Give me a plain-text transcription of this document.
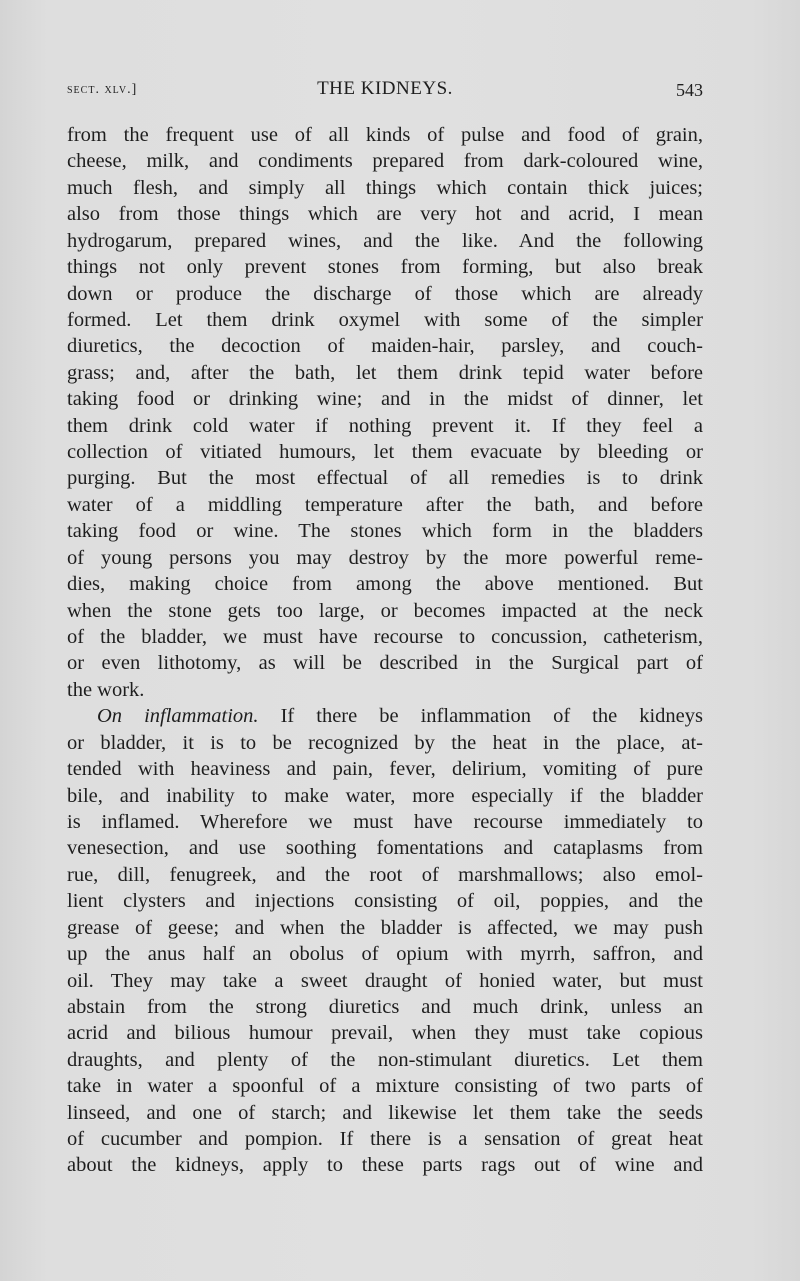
sect. xlv.]	THE KIDNEYS.	543
from the frequent use of all kinds of pulse and food of grain,
cheese, milk, and condiments prepared from dark-coloured wine,
much flesh, and simply all things which contain thick juices;
also from those things which are very hot and acrid, I mean
hydrogarum, prepared wines, and the like. And the following
things not only prevent stones from forming, but also break
down or produce the discharge of those which are already
formed. Let them drink oxymel with some of the simpler
diuretics, the decoction of maiden-hair, parsley, and couch-
grass; and, after the bath, let them drink tepid water before
taking food or drinking wine; and in the midst of dinner, let
them drink cold water if nothing prevent it. If they feel a
collection of vitiated humours, let them evacuate by bleeding or
purging. But the most effectual of all remedies is to drink
water of a middling temperature after the bath, and before
taking food or wine. The stones which form in the bladders
of young persons you may destroy by the more powerful reme-
dies, making choice from among the above mentioned. But
when the stone gets too large, or becomes impacted at the neck
of the bladder, we must have recourse to concussion, catheterism,
or even lithotomy, as will be described in the Surgical part of
the work.
On inflammation. If there be inflammation of the kidneys
or bladder, it is to be recognized by the heat in the place, at-
tended with heaviness and pain, fever, delirium, vomiting of pure
bile, and inability to make water, more especially if the bladder
is inflamed. Wherefore we must have recourse immediately to
venesection, and use soothing fomentations and cataplasms from
rue, dill, fenugreek, and the root of marshmallows; also emol-
lient clysters and injections consisting of oil, poppies, and the
grease of geese; and when the bladder is affected, we may push
up the anus half an obolus of opium with myrrh, saffron, and
oil. They may take a sweet draught of honied water, but must
abstain from the strong diuretics and much drink, unless an
acrid and bilious humour prevail, when they must take copious
draughts, and plenty of the non-stimulant diuretics. Let them
take in water a spoonful of a mixture consisting of two parts of
linseed, and one of starch; and likewise let them take the seeds
of cucumber and pompion. If there is a sensation of great heat
about the kidneys, apply to these parts rags out of wine and
